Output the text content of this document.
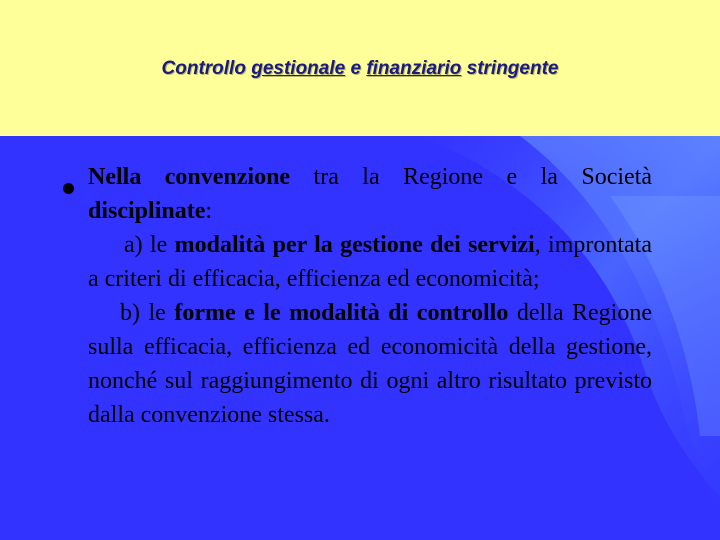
Controllo gestionale e finanziario stringente

Nella convenzione tra la Regione e la Società disciplinate:

a) le modalità per la gestione dei servizi, improntata a criteri di efficacia, efficienza ed economicità;

b) le forme e le modalità di controllo della Regione sulla efficacia, efficienza ed economicità della gestione, nonché sul raggiungimento di ogni altro risultato previsto dalla convenzione stessa.
